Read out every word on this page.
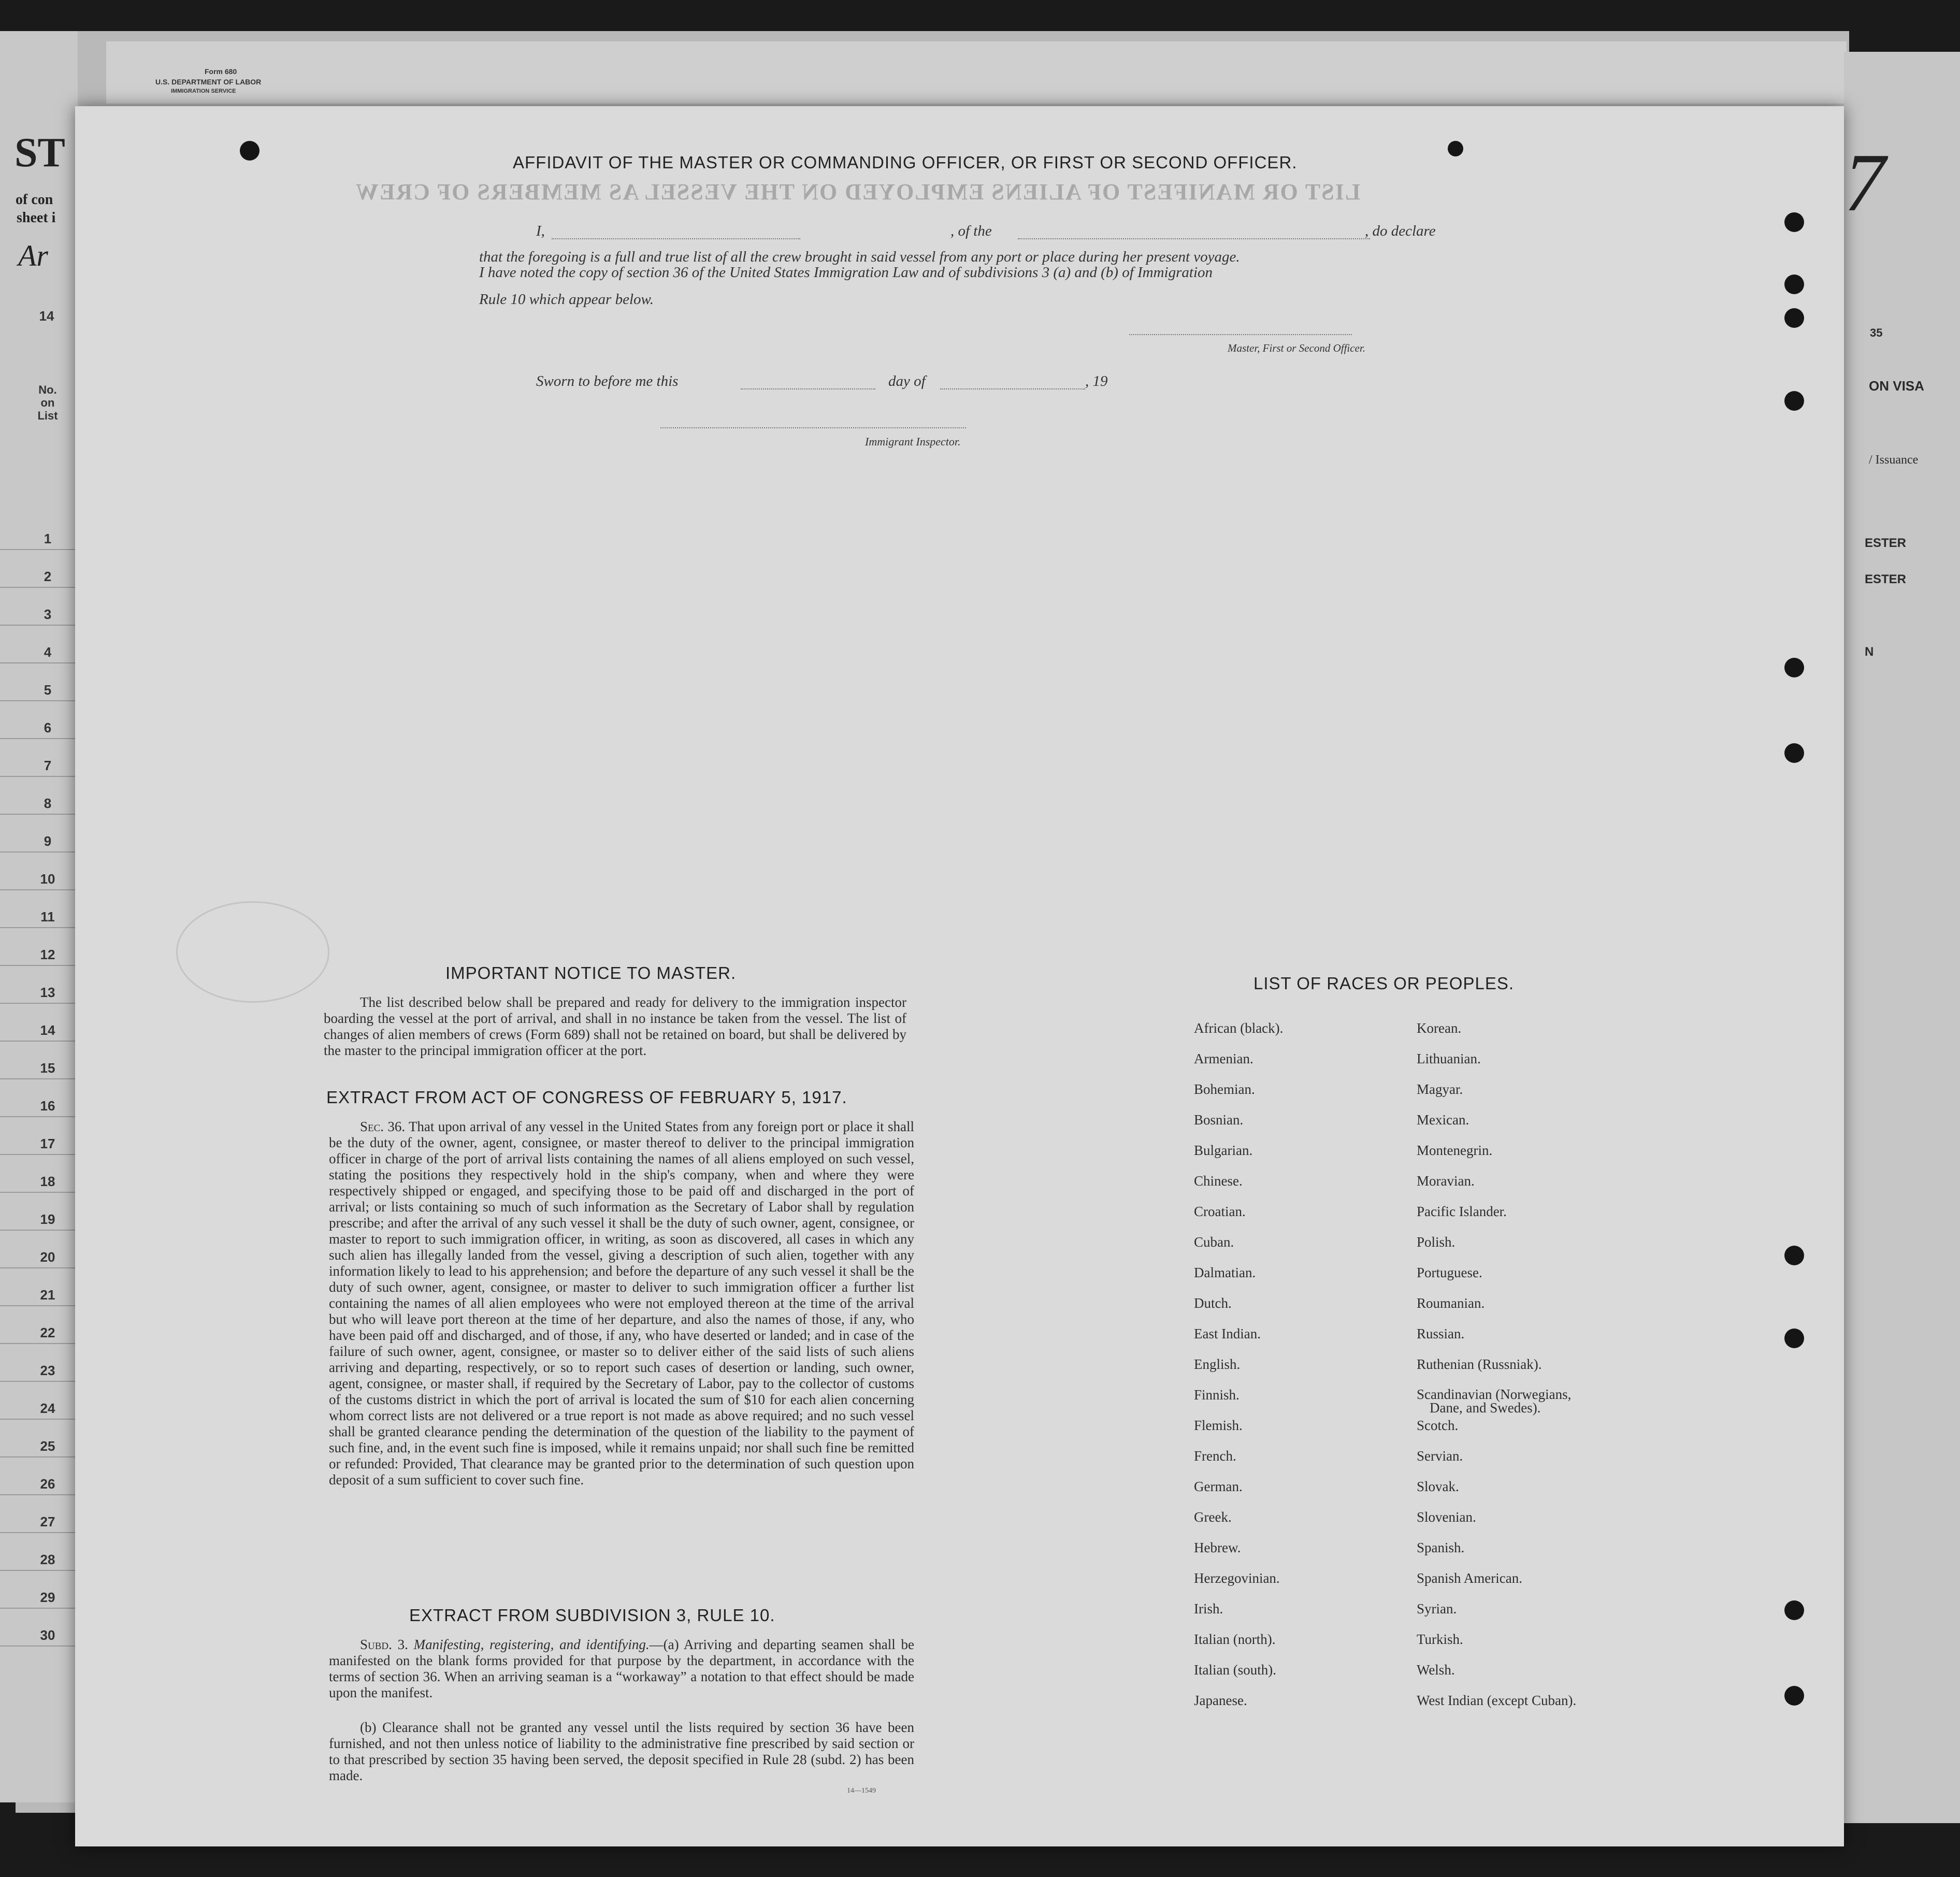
Form 680
U.S. DEPARTMENT OF LABOR
IMMIGRATION SERVICE
ST
of con
sheet i
Ar
14
No.
on
List
1
2
3
4
5
6
7
8
9
10
11
12
13
14
15
16
17
18
19
20
21
22
23
24
25
26
27
28
29
30
7
35
ON VISA
/ Issuance
ESTER
ESTER
N
LIST OR MANIFEST OF ALIENS EMPLOYED ON THE VESSEL AS MEMBERS OF CREW
AFFIDAVIT OF THE MASTER OR COMMANDING OFFICER, OR FIRST OR SECOND OFFICER.
I,	, of the	, do declare
that the foregoing is a full and true list of all the crew brought in said vessel from any port or place during her present voyage.
I have noted the copy of section 36 of the United States Immigration Law and of subdivisions 3 (a) and (b) of Immigration
Rule 10 which appear below.
Master, First or Second Officer.
Sworn to before me this	day of	, 19
Immigrant Inspector.
IMPORTANT NOTICE TO MASTER.
The list described below shall be prepared and ready for delivery to the immigration inspector boarding the vessel at the port of arrival, and shall in no instance be taken from the vessel. The list of changes of alien members of crews (Form 689) shall not be retained on board, but shall be delivered by the master to the principal immigration officer at the port.
EXTRACT FROM ACT OF CONGRESS OF FEBRUARY 5, 1917.
Sec. 36. That upon arrival of any vessel in the United States from any foreign port or place it shall be the duty of the owner, agent, consignee, or master thereof to deliver to the principal immigration officer in charge of the port of arrival lists containing the names of all aliens employed on such vessel, stating the positions they respectively hold in the ship's company, when and where they were respectively shipped or engaged, and specifying those to be paid off and discharged in the port of arrival; or lists containing so much of such information as the Secretary of Labor shall by regulation prescribe; and after the arrival of any such vessel it shall be the duty of such owner, agent, consignee, or master to report to such immigration officer, in writing, as soon as discovered, all cases in which any such alien has illegally landed from the vessel, giving a description of such alien, together with any information likely to lead to his apprehension; and before the departure of any such vessel it shall be the duty of such owner, agent, consignee, or master to deliver to such immigration officer a further list containing the names of all alien employees who were not employed thereon at the time of the arrival but who will leave port thereon at the time of her departure, and also the names of those, if any, who have been paid off and discharged, and of those, if any, who have deserted or landed; and in case of the failure of such owner, agent, consignee, or master so to deliver either of the said lists of such aliens arriving and departing, respectively, or so to report such cases of desertion or landing, such owner, agent, consignee, or master shall, if required by the Secretary of Labor, pay to the collector of customs of the customs district in which the port of arrival is located the sum of $10 for each alien concerning whom correct lists are not delivered or a true report is not made as above required; and no such vessel shall be granted clearance pending the determination of the question of the liability to the payment of such fine, and, in the event such fine is imposed, while it remains unpaid; nor shall such fine be remitted or refunded: Provided, That clearance may be granted prior to the determination of such question upon deposit of a sum sufficient to cover such fine.
EXTRACT FROM SUBDIVISION 3, RULE 10.
Subd. 3. Manifesting, registering, and identifying.—(a) Arriving and departing seamen shall be manifested on the blank forms provided for that purpose by the department, in accordance with the terms of section 36. When an arriving seaman is a “workaway” a notation to that effect should be made upon the manifest.
(b) Clearance shall not be granted any vessel until the lists required by section 36 have been furnished, and not then unless notice of liability to the administrative fine prescribed by said section or to that prescribed by section 35 having been served, the deposit specified in Rule 28 (subd. 2) has been made.
14—1549
LIST OF RACES OR PEOPLES.
African (black).
Armenian.
Bohemian.
Bosnian.
Bulgarian.
Chinese.
Croatian.
Cuban.
Dalmatian.
Dutch.
East Indian.
English.
Finnish.
Flemish.
French.
German.
Greek.
Hebrew.
Herzegovinian.
Irish.
Italian (north).
Italian (south).
Japanese.
Korean.
Lithuanian.
Magyar.
Mexican.
Montenegrin.
Moravian.
Pacific Islander.
Polish.
Portuguese.
Roumanian.
Russian.
Ruthenian (Russniak).
Scandinavian (Norwegians,
Dane, and Swedes).
Scotch.
Servian.
Slovak.
Slovenian.
Spanish.
Spanish American.
Syrian.
Turkish.
Welsh.
West Indian (except Cuban).
